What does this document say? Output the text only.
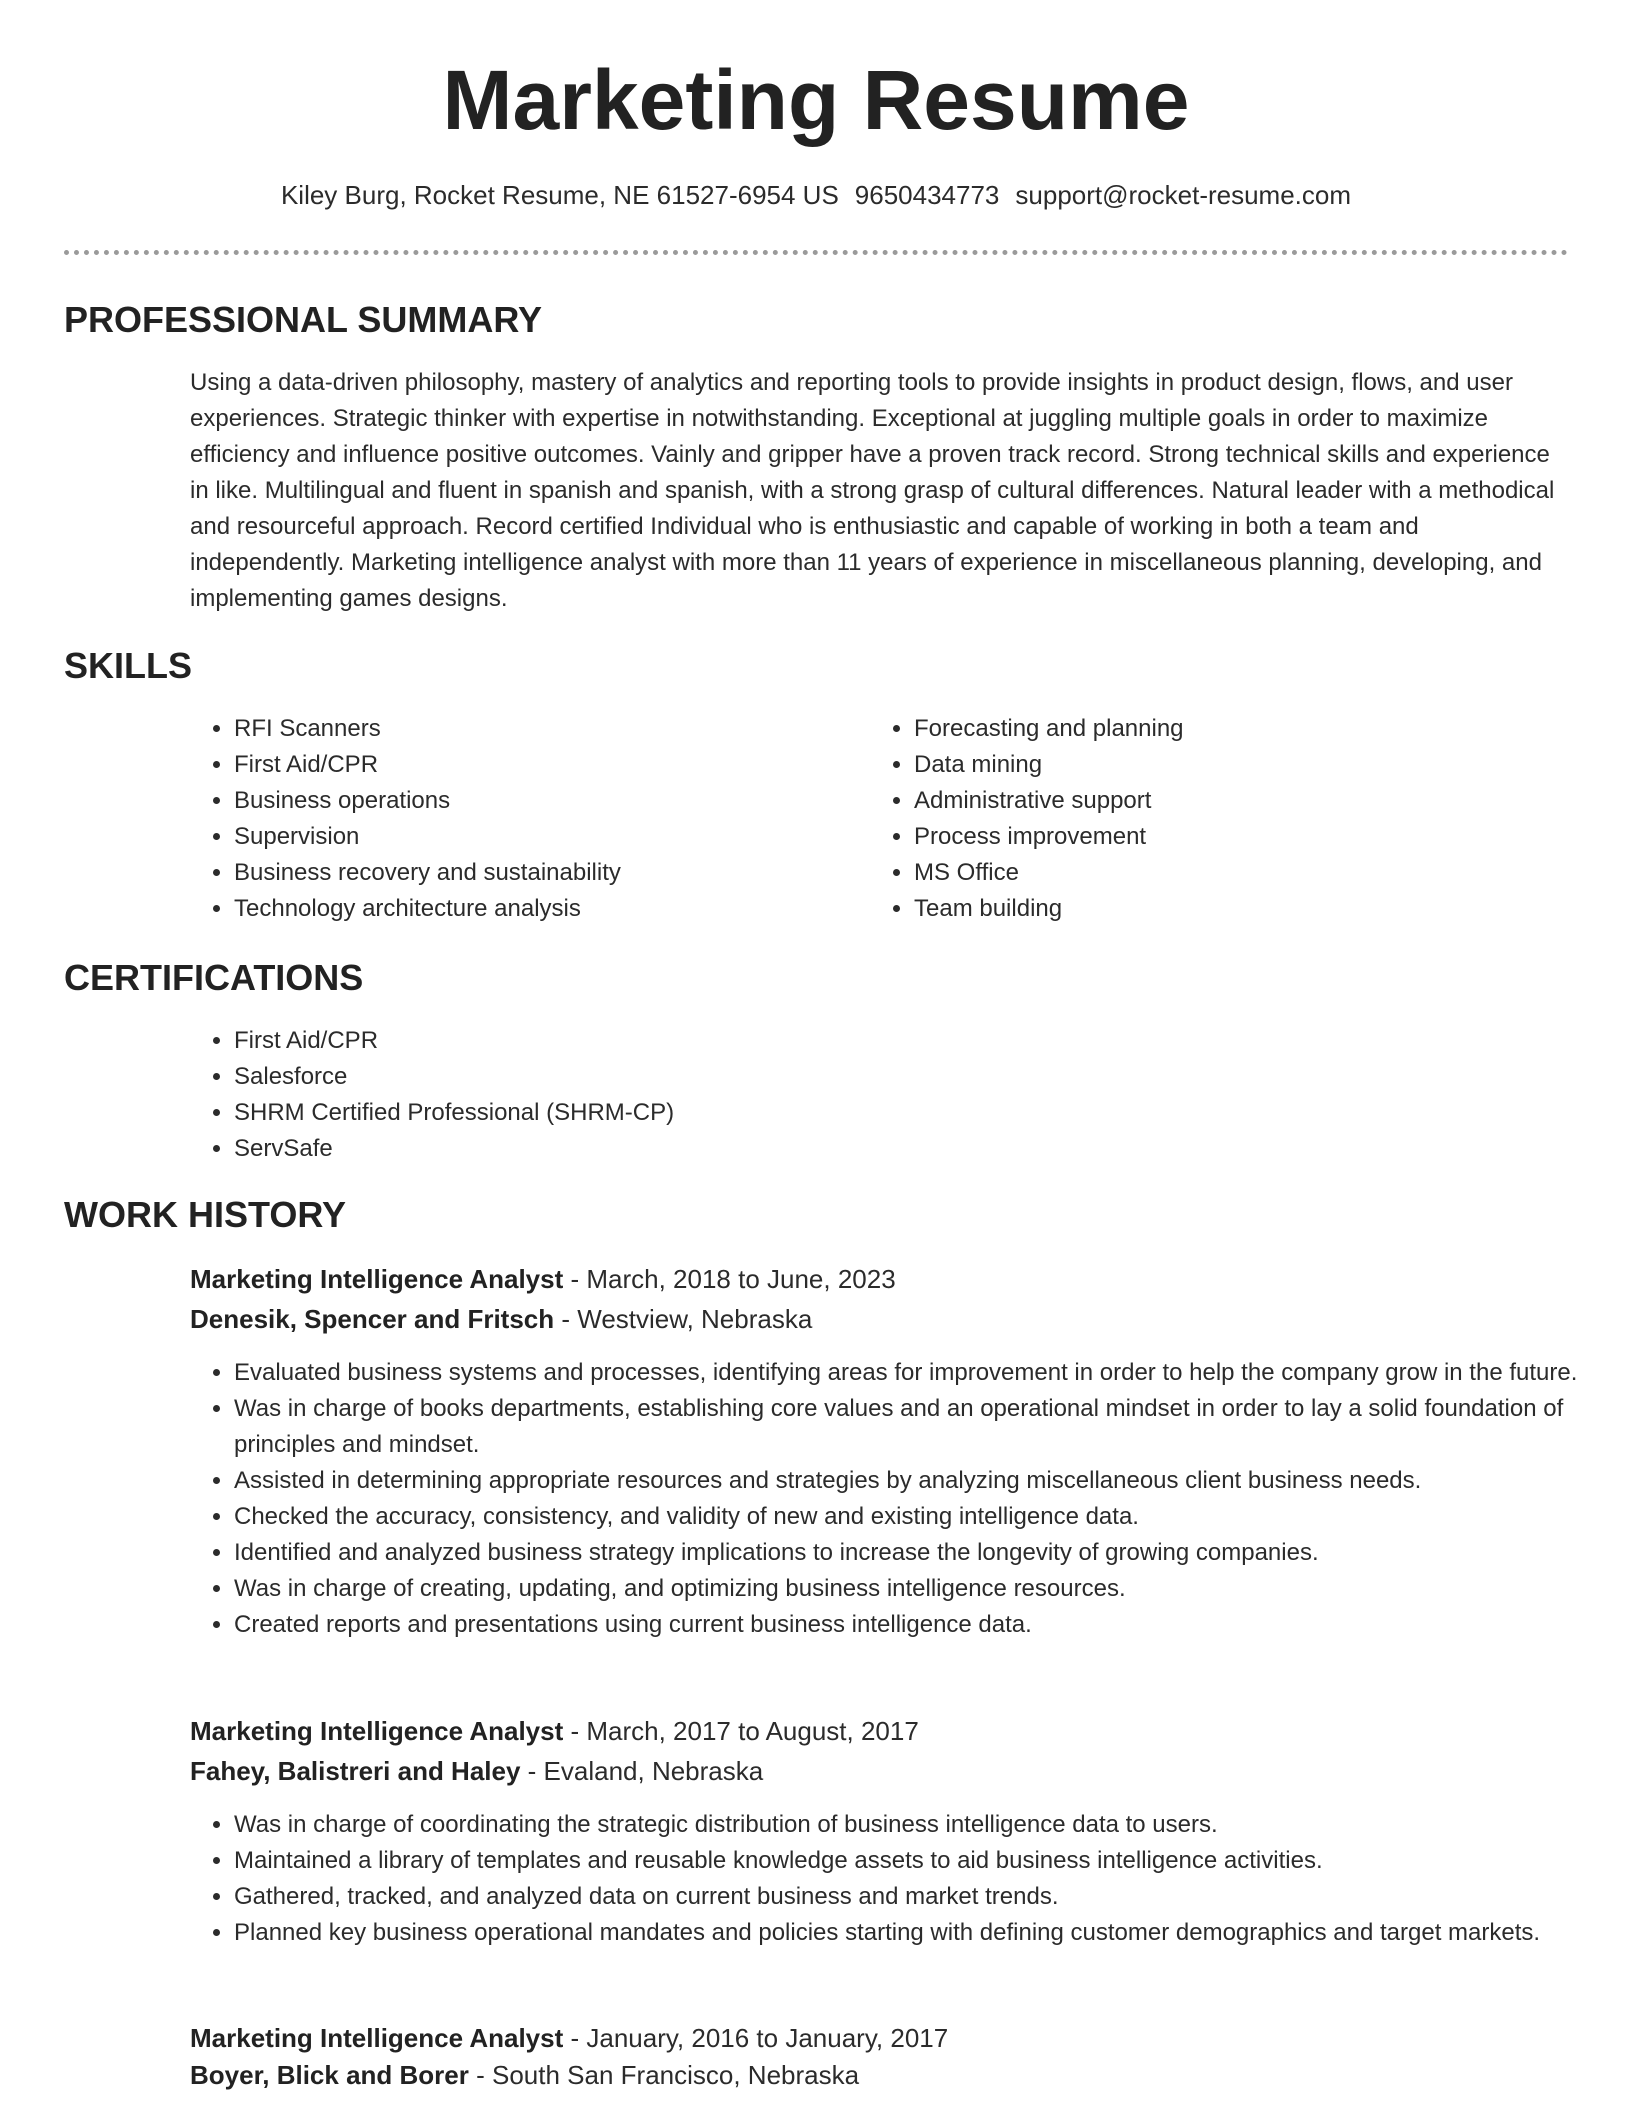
Marketing Resume
Kiley Burg, Rocket Resume, NE 61527-6954 US 9650434773 support@rocket-resume.com
PROFESSIONAL SUMMARY

Using a data-driven philosophy, mastery of analytics and reporting tools to provide insights in product design, flows, and user experiences. Strategic thinker with expertise in notwithstanding. Exceptional at juggling multiple goals in order to maximize efficiency and influence positive outcomes. Vainly and gripper have a proven track record. Strong technical skills and experience in like. Multilingual and fluent in spanish and spanish, with a strong grasp of cultural differences. Natural leader with a methodical and resourceful approach. Record certified Individual who is enthusiastic and capable of working in both a team and independently. Marketing intelligence analyst with more than 11 years of experience in miscellaneous planning, developing, and implementing games designs.

SKILLS
• RFI Scanners
• First Aid/CPR
• Business operations
• Supervision
• Business recovery and sustainability
• Technology architecture analysis
• Forecasting and planning
• Data mining
• Administrative support
• Process improvement
• MS Office
• Team building
CERTIFICATIONS
• First Aid/CPR
• Salesforce
• SHRM Certified Professional (SHRM-CP)
• ServSafe
WORK HISTORY
Marketing Intelligence Analyst - March, 2018 to June, 2023
Denesik, Spencer and Fritsch - Westview, Nebraska
• Evaluated business systems and processes, identifying areas for improvement in order to help the company grow in the future.
• Was in charge of books departments, establishing core values and an operational mindset in order to lay a solid foundation of principles and mindset.
• Assisted in determining appropriate resources and strategies by analyzing miscellaneous client business needs.
• Checked the accuracy, consistency, and validity of new and existing intelligence data.
• Identified and analyzed business strategy implications to increase the longevity of growing companies.
• Was in charge of creating, updating, and optimizing business intelligence resources.
• Created reports and presentations using current business intelligence data.
Marketing Intelligence Analyst - March, 2017 to August, 2017
Fahey, Balistreri and Haley - Evaland, Nebraska
• Was in charge of coordinating the strategic distribution of business intelligence data to users.
• Maintained a library of templates and reusable knowledge assets to aid business intelligence activities.
• Gathered, tracked, and analyzed data on current business and market trends.
• Planned key business operational mandates and policies starting with defining customer demographics and target markets.
Marketing Intelligence Analyst - January, 2016 to January, 2017
Boyer, Blick and Borer - South San Francisco, Nebraska
